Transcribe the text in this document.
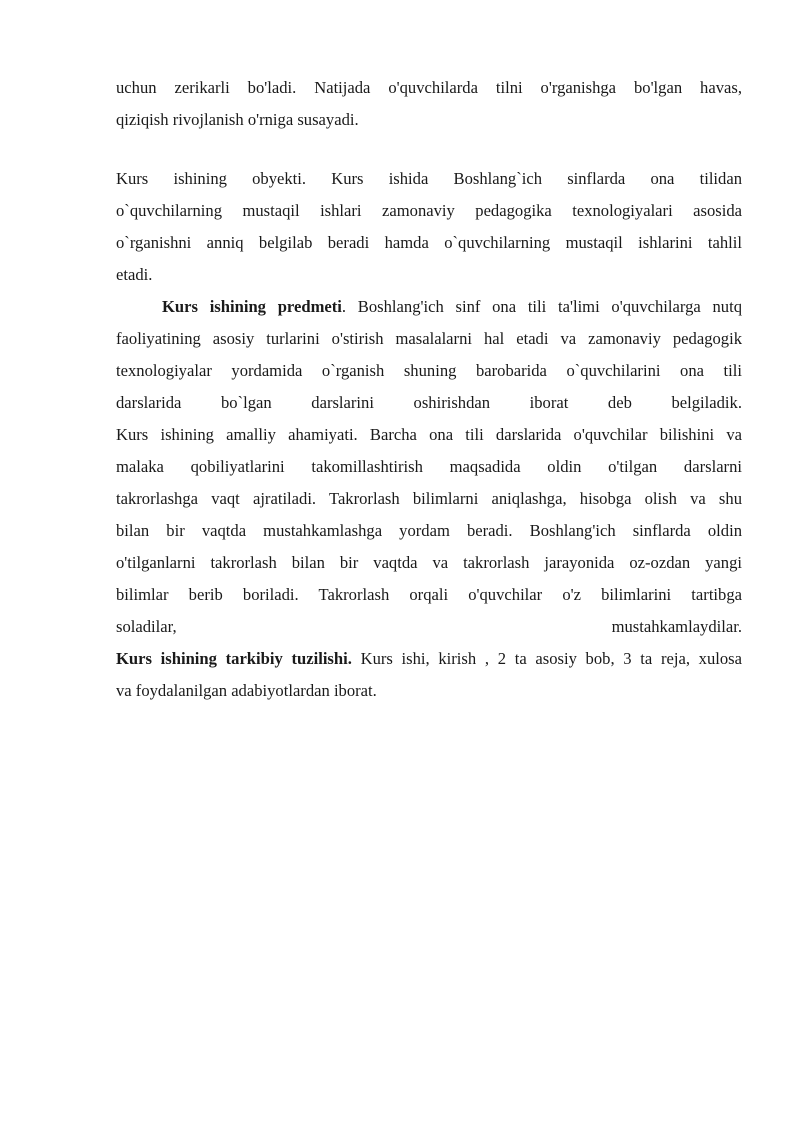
uchun zerikarli bo'ladi. Natijada o'quvchilarda tilni o'rganishga bo'lgan havas,
qiziqish rivojlanish o'rniga susayadi.
Kurs ishining obyekti. Kurs ishida Boshlang`ich sinflarda ona tilidan
o`quvchilarning mustaqil ishlari zamonaviy pedagogika texnologiyalari asosida
o`rganishni anniq belgilab beradi hamda o`quvchilarning mustaqil ishlarini tahlil
etadi.
Kurs ishining predmeti. Boshlang'ich sinf ona tili ta'limi o'quvchilarga nutq
faoliyatining asosiy turlarini o'stirish masalalarni hal etadi va zamonaviy pedagogik
texnologiyalar yordamida o`rganish shuning barobarida o`quvchilarini ona tili
darslarida bo`lgan darslarini oshirishdan iborat deb belgiladik.
Kurs ishining amalliy ahamiyati. Barcha ona tili darslarida o'quvchilar bilishini va
malaka qobiliyatlarini takomillashtirish maqsadida oldin o'tilgan darslarni
takrorlashga vaqt ajratiladi. Takrorlash bilimlarni aniqlashga, hisobga olish va shu
bilan bir vaqtda mustahkamlashga yordam beradi. Boshlang'ich sinflarda oldin
o'tilganlarni takrorlash bilan bir vaqtda va takrorlash jarayonida oz-ozdan yangi
bilimlar berib boriladi. Takrorlash orqali o'quvchilar o'z bilimlarini tartibga
soladilar, mustahkamlaydilar.
Kurs ishining tarkibiy tuzilishi. Kurs ishi, kirish , 2 ta asosiy bob, 3 ta reja, xulosa
va foydalanilgan adabiyotlardan iborat.
